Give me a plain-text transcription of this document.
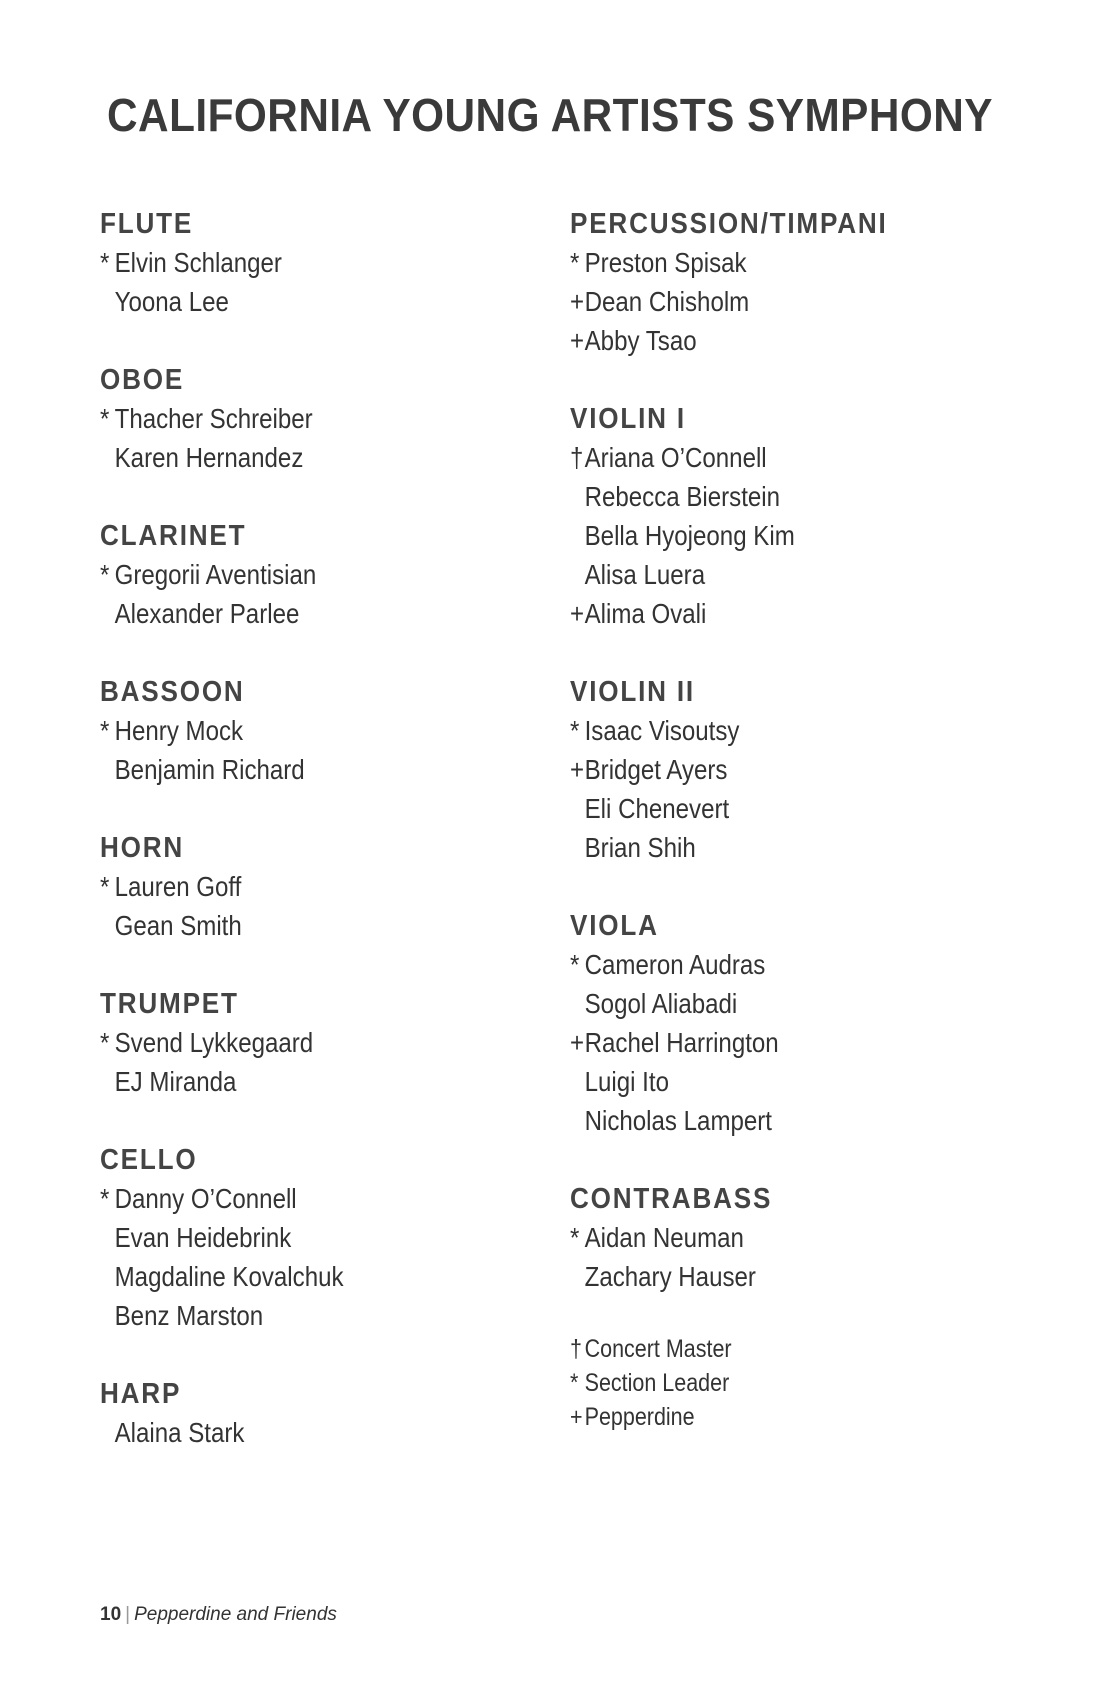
CALIFORNIA YOUNG ARTISTS SYMPHONY
FLUTE
* Elvin Schlanger
Yoona Lee
OBOE
* Thacher Schreiber
Karen Hernandez
CLARINET
* Gregorii Aventisian
Alexander Parlee
BASSOON
* Henry Mock
Benjamin Richard
HORN
* Lauren Goff
Gean Smith
TRUMPET
* Svend Lykkegaard
EJ Miranda
CELLO
* Danny O’Connell
Evan Heidebrink
Magdaline Kovalchuk
Benz Marston
HARP
Alaina Stark
PERCUSSION/TIMPANI
* Preston Spisak
+Dean Chisholm
+Abby Tsao
VIOLIN I
†Ariana O’Connell
Rebecca Bierstein
Bella Hyojeong Kim
Alisa Luera
+Alima Ovali
VIOLIN II
* Isaac Visoutsy
+Bridget Ayers
Eli Chenevert
Brian Shih
VIOLA
* Cameron Audras
Sogol Aliabadi
+Rachel Harrington
Luigi Ito
Nicholas Lampert
CONTRABASS
* Aidan Neuman
Zachary Hauser
† Concert Master
* Section Leader
+Pepperdine
10 | Pepperdine and Friends
